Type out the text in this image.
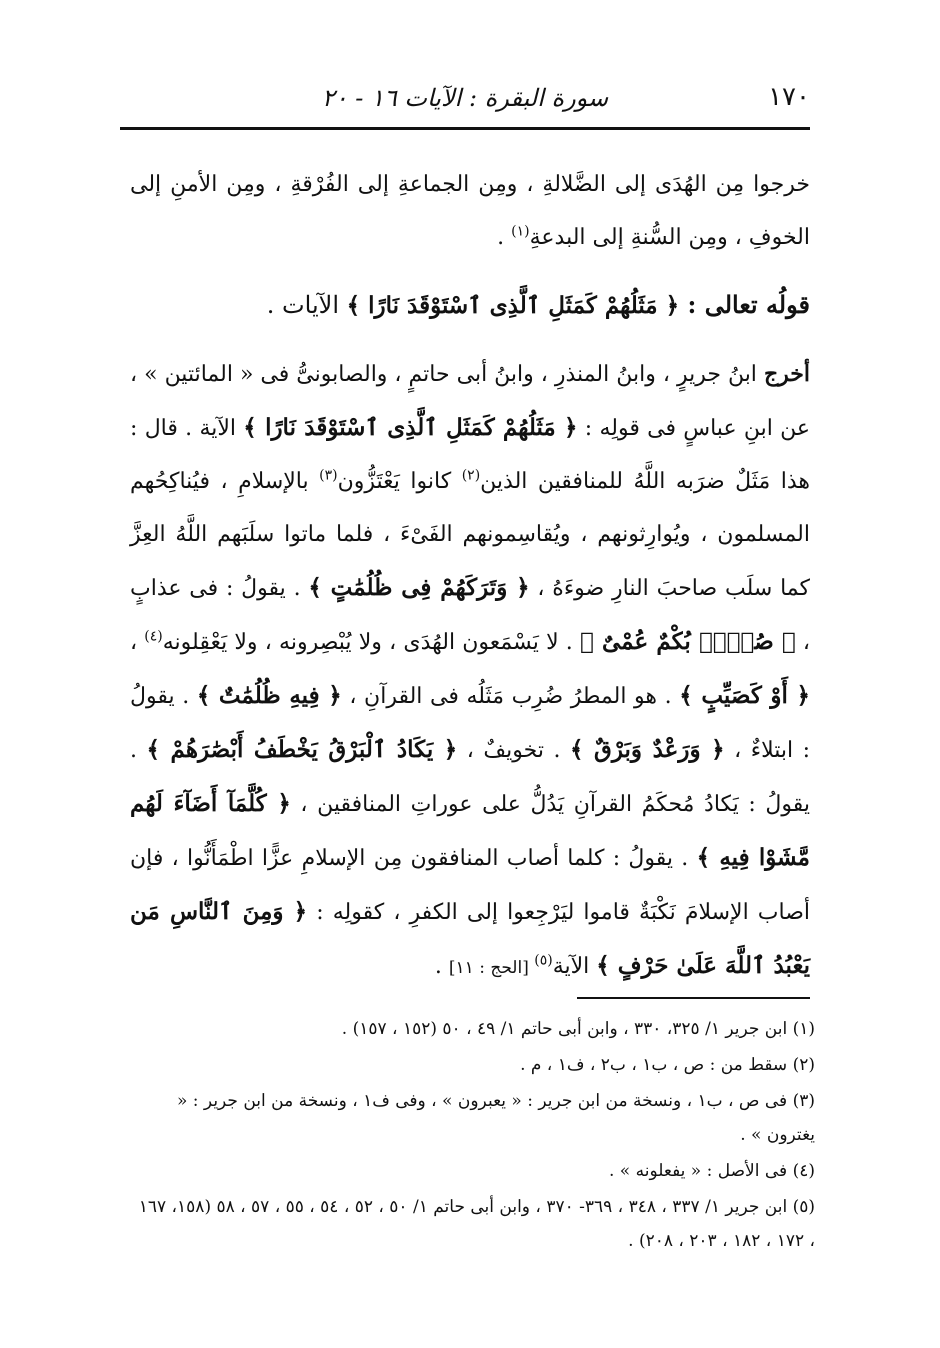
١٧٠
سورة البقرة : الآيات ١٦ - ٢٠

خرجوا مِن الهُدَى إلى الضَّلالةِ ، ومِن الجماعةِ إلى الفُرْقةِ ، ومِن الأمنِ إلى الخوفِ ، ومِن السُّنةِ إلى البدعةِ$^{(١)}$ .

قولُه تعالى : ﴿ مَثَلُهُمْ كَمَثَلِ ٱلَّذِى ٱسْتَوْقَدَ نَارًا ﴾ الآيات .

أخرج ابنُ جريرٍ ، وابنُ المنذرِ ، وابنُ أبى حاتمٍ ، والصابونىُّ فى « المائتين » ، عن ابنِ عباسٍ فى قولِه : ﴿ مَثَلُهُمْ كَمَثَلِ ٱلَّذِى ٱسْتَوْقَدَ نَارًا ﴾ الآية . قال : هذا مَثَلٌ ضرَبه اللَّهُ للمنافقين الذين$^{(٢)}$ كانوا يَعْتَزُّون$^{(٣)}$ بالإسلامِ ، فيُناكِحُهم المسلمون ، ويُوارِثونهم ، ويُقاسِمونهم الفَىْءَ ، فلما ماتوا سلَبَهم اللَّهُ العِزَّ كما سلَب صاحبَ النارِ ضوءَهُ ، ﴿ وَتَرَكَهُمْ فِى ظُلُمَٰتٍ ﴾ . يقولُ : فى عذابٍ ، ﴿ صُمٌّۢ بُكْمٌ عُمْىٌ ﴾ . لا يَسْمَعون الهُدَى ، ولا يُبْصِرونه ، ولا يَعْقِلونه$^{(٤)}$ ، ﴿ أَوْ كَصَيِّبٍ ﴾ . هو المطرُ ضُرِب مَثَلُه فى القرآنِ ، ﴿ فِيهِ ظُلُمَٰتٌ ﴾ . يقولُ : ابتلاءٌ ، ﴿ وَرَعْدٌ وَبَرْقٌ ﴾ . تخويفٌ ، ﴿ يَكَادُ ٱلْبَرْقُ يَخْطَفُ أَبْصَٰرَهُمْ ﴾ . يقولُ : يَكادُ مُحكَمُ القرآنِ يَدُلُّ على عوراتِ المنافقين ، ﴿ كُلَّمَآ أَضَآءَ لَهُم مَّشَوْا فِيهِ ﴾ . يقولُ : كلما أصاب المنافقون مِن الإسلامِ عزًّا اطْمَأَنُّوا ، فإن أصاب الإسلامَ نَكْبَةٌ قاموا ليَرْجِعوا إلى الكفرِ ، كقولِه : ﴿ وَمِنَ ٱلنَّاسِ مَن يَعْبُدُ ٱللَّهَ عَلَىٰ حَرْفٍ ﴾ الآية$^{(٥)}$ [الحج : ١١] .

(١) ابن جرير ١/ ٣٢٥، ٣٣٠ ، وابن أبى حاتم ١/ ٤٩ ، ٥٠ (١٥٢ ، ١٥٧) .

(٢) سقط من : ص ، ب١ ، ب٢ ، ف١ ، م .

(٣) فى ص ، ب١ ، ونسخة من ابن جرير : « يعبرون » ، وفى ف١ ، ونسخة من ابن جرير : « يغترون » .

(٤) فى الأصل : « يفعلونه » .

(٥) ابن جرير ١/ ٣٣٧ ، ٣٤٨ ، ٣٦٩- ٣٧٠ ، وابن أبى حاتم ١/ ٥٠ ، ٥٢ ، ٥٤ ، ٥٥ ، ٥٧ ، ٥٨ (١٥٨، ١٦٧ ، ١٧٢ ، ١٨٢ ، ٢٠٣ ، ٢٠٨) .
